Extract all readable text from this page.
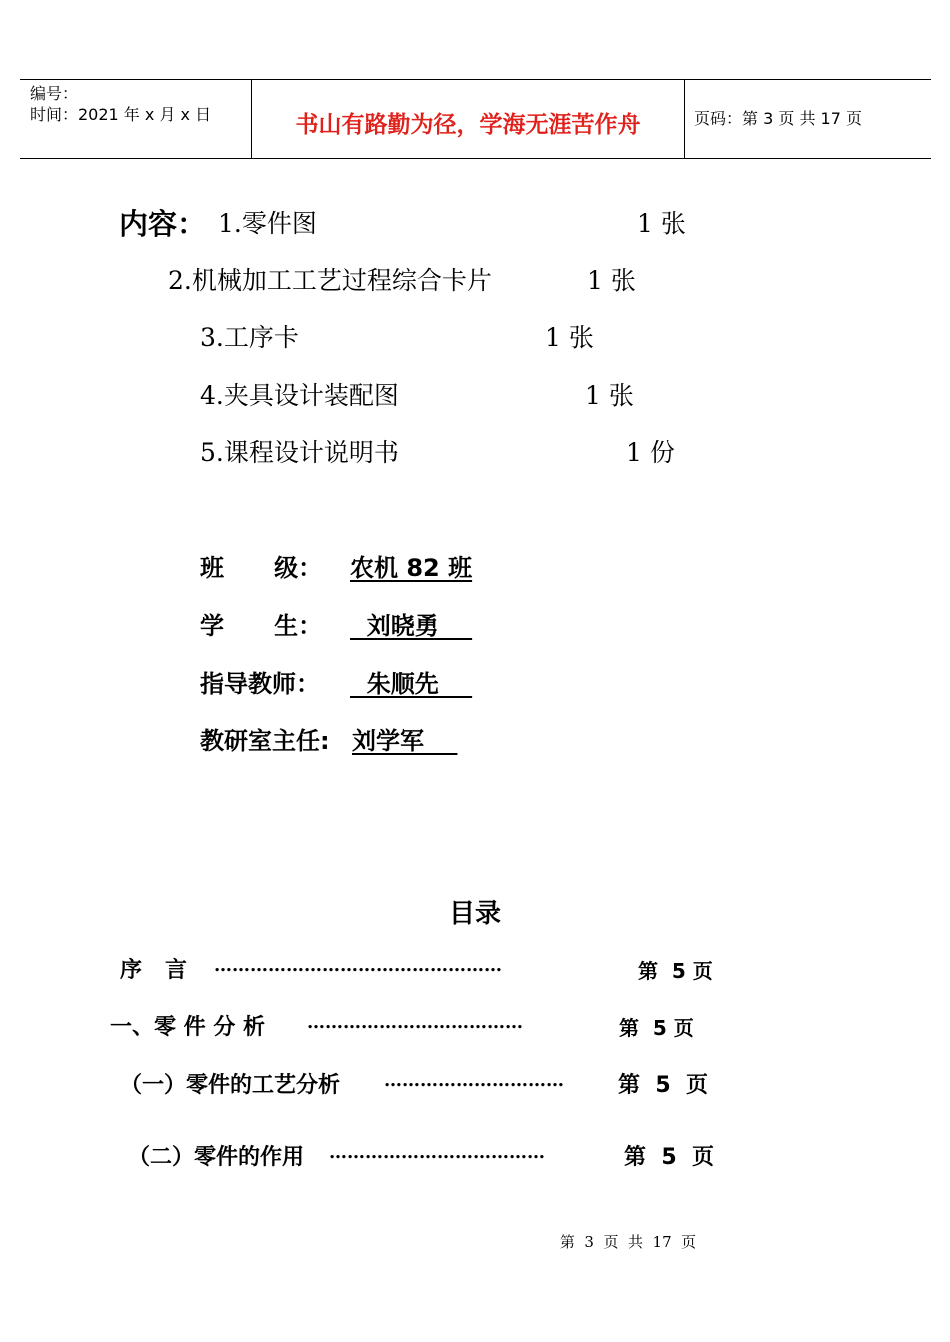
编号：
时间：2021 年 x 月 x 日	书山有路勤为径，学海无涯苦作舟	页码：第 3 页 共 17 页
内容： 1.零件图	1 张
2.机械加工工艺过程综合卡片	1 张
3.工序卡	1 张
4.夹具设计装配图	1 张
5.课程设计说明书	1 份
班      级： 农机 82 班
学      生： 刘晓勇
指导教师： 朱顺先
教研室主任: 刘学军
目录
序   言 …………………………………………	第  5 页
一、零 件 分 析 ………………………………	第  5 页
（一）零件的工艺分析 …………………………	第  5  页
（二）零件的作用 ………………………………	第  5  页
第  3  页  共  17  页
